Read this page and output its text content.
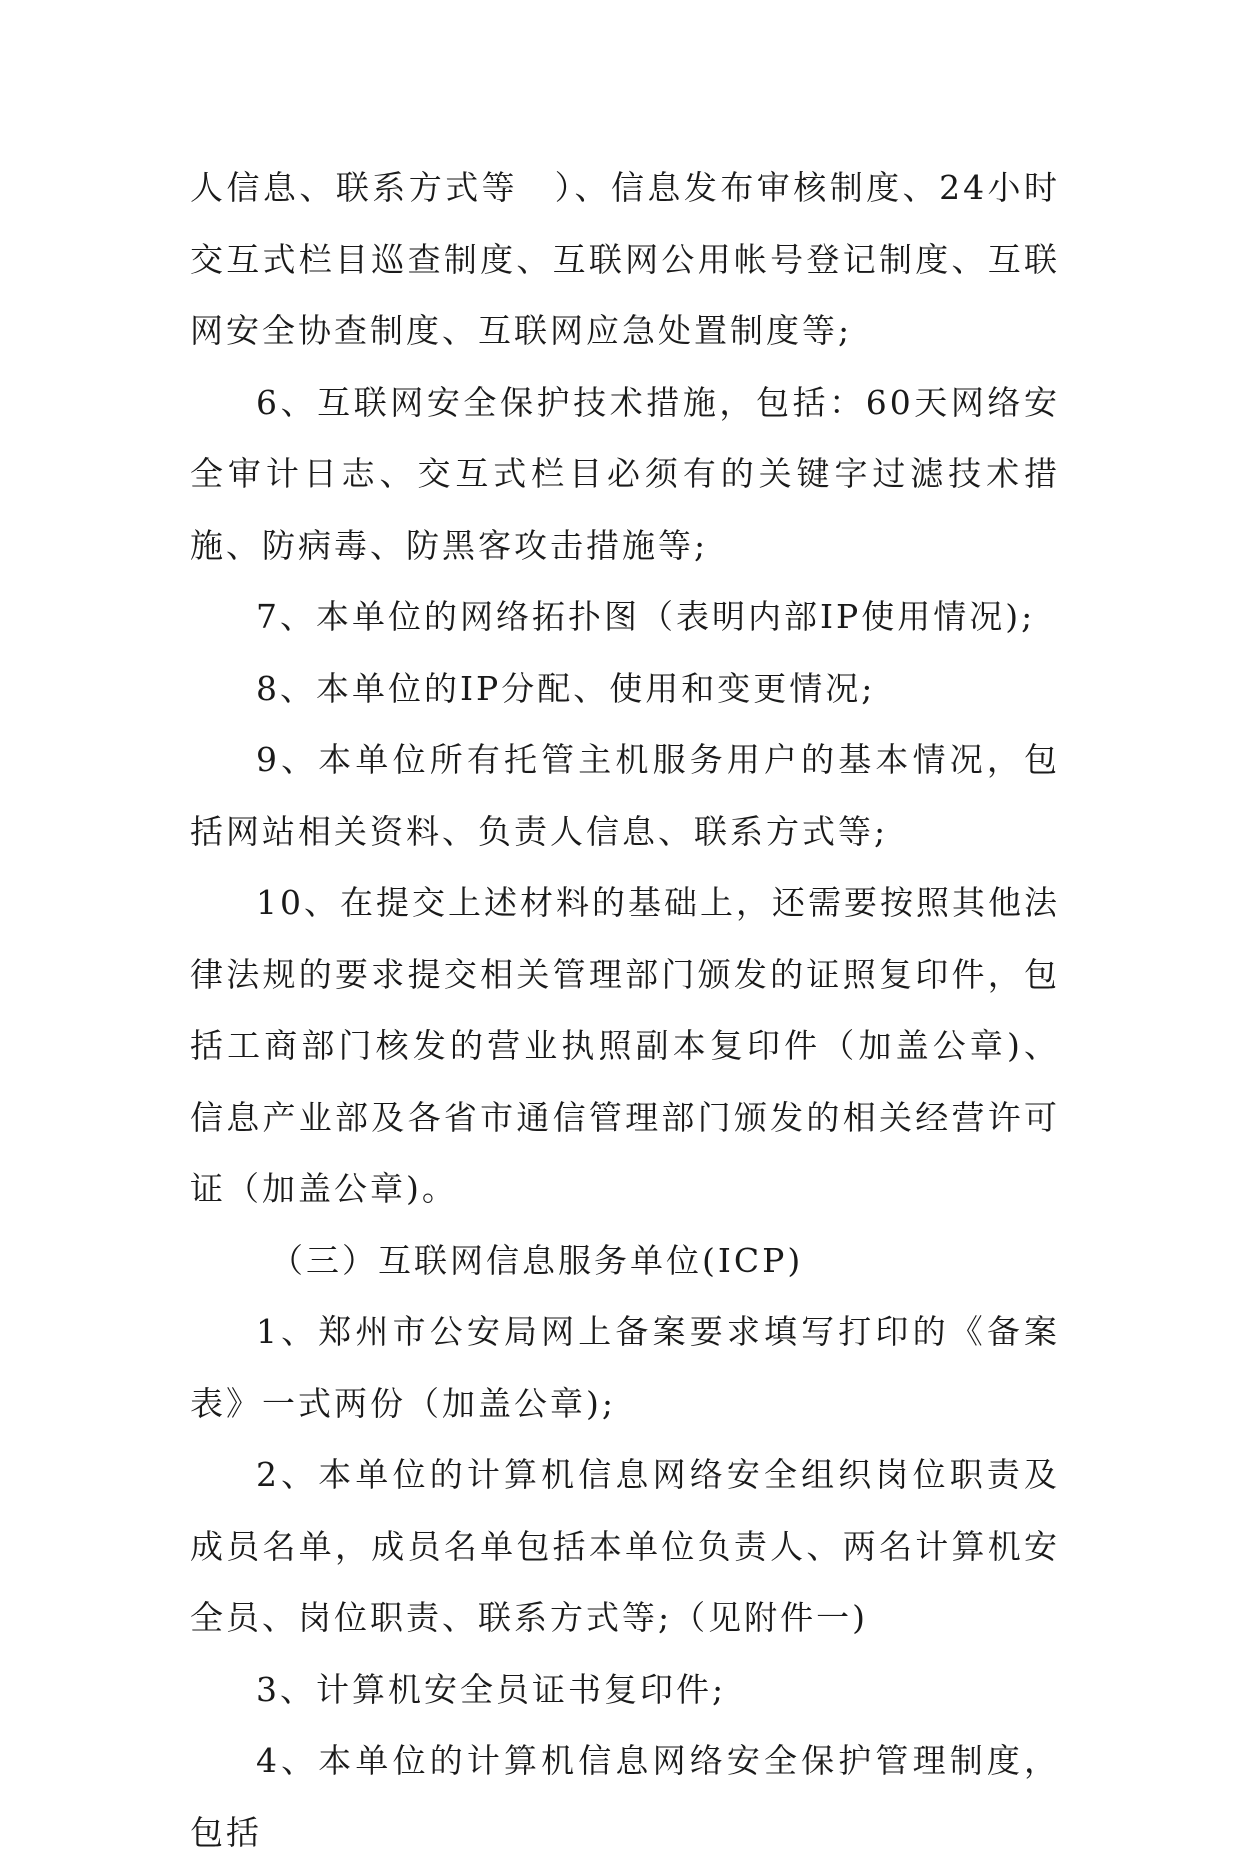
人信息、联系方式等　）、信息发布审核制度、24小时交互式栏目巡查制度、互联网公用帐号登记制度、互联网安全协查制度、互联网应急处置制度等;

6、互联网安全保护技术措施，包括：60天网络安全审计日志、交互式栏目必须有的关键字过滤技术措施、防病毒、防黑客攻击措施等;

7、本单位的网络拓扑图（表明内部IP使用情况);

8、本单位的IP分配、使用和变更情况;

9、本单位所有托管主机服务用户的基本情况，包括网站相关资料、负责人信息、联系方式等;

10、在提交上述材料的基础上，还需要按照其他法律法规的要求提交相关管理部门颁发的证照复印件，包括工商部门核发的营业执照副本复印件（加盖公章)、信息产业部及各省市通信管理部门颁发的相关经营许可证（加盖公章)。

（三）互联网信息服务单位(ICP)

1、郑州市公安局网上备案要求填写打印的《备案表》一式两份（加盖公章);

2、本单位的计算机信息网络安全组织岗位职责及成员名单，成员名单包括本单位负责人、两名计算机安全员、岗位职责、联系方式等;（见附件一)

3、计算机安全员证书复印件;

4、本单位的计算机信息网络安全保护管理制度，包括
